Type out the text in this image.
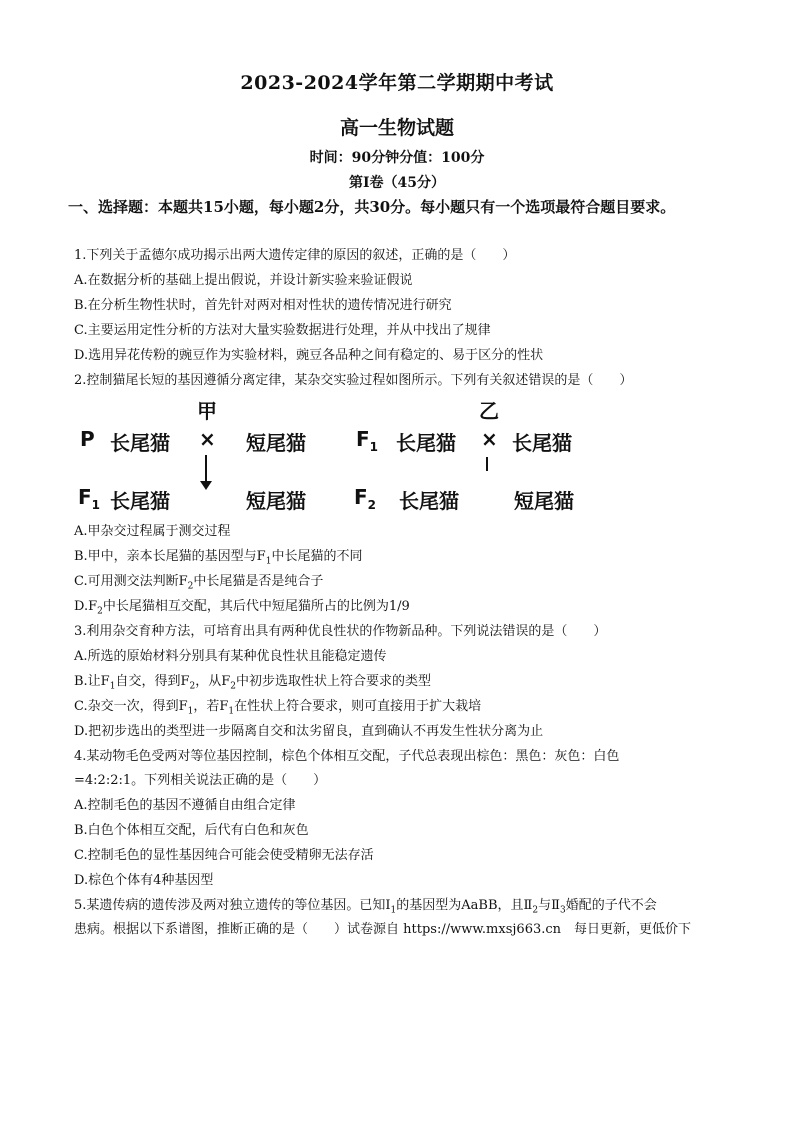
2023-2024学年第二学期期中考试
高一生物试题
时间：90分钟分值：100分
第I卷（45分）
一、选择题：本题共15小题，每小题2分，共30分。每小题只有一个选项最符合题目要求。
1.下列关于孟德尔成功揭示出两大遗传定律的原因的叙述，正确的是（　　）
A.在数据分析的基础上提出假说，并设计新实验来验证假说
B.在分析生物性状时，首先针对两对相对性状的遗传情况进行研究
C.主要运用定性分析的方法对大量实验数据进行处理，并从中找出了规律
D.选用异花传粉的豌豆作为实验材料，豌豆各品种之间有稳定的、易于区分的性状
2.控制猫尾长短的基因遵循分离定律，某杂交实验过程如图所示。下列有关叙述错误的是（　　）
甲	乙
P 长尾猫 × 短尾猫	$F_1$ 长尾猫 × 长尾猫
$F_1$ 长尾猫	短尾猫 $F_2$ 长尾猫	短尾猫
A.甲杂交过程属于测交过程
B.甲中，亲本长尾猫的基因型与$F_1$中长尾猫的不同
C.可用测交法判断$F_2$中长尾猫是否是纯合子
$D.F_2$中长尾猫相互交配，其后代中短尾猫所占的比例为1/9
3.利用杂交育种方法，可培育出具有两种优良性状的作物新品种。下列说法错误的是（　　）
A.所选的原始材料分别具有某种优良性状且能稳定遗传
B.让$F_1$自交，得到$F_2$，从$F_2$中初步选取性状上符合要求的类型
C.杂交一次，得到$F_1$，若$F_1$在性状上符合要求，则可直接用于扩大栽培
D.把初步选出的类型进一步隔离自交和汰劣留良，直到确认不再发生性状分离为止
4.某动物毛色受两对等位基因控制，棕色个体相互交配，子代总表现出棕色：黑色：灰色：白色
=4:2:2:1。下列相关说法正确的是（　　）
A.控制毛色的基因不遵循自由组合定律
B.白色个体相互交配，后代有白色和灰色
C.控制毛色的显性基因纯合可能会使受精卵无法存活
D.棕色个体有4种基因型
5.某遗传病的遗传涉及两对独立遗传的等位基因。已知$Ⅰ_1$的基因型为AaBB，且$Ⅱ_2$与$Ⅱ_3$婚配的子代不会
患病。根据以下系谱图，推断正确的是（　　）试卷源自 https://www.mxsj663.cn　每日更新，更低价下
